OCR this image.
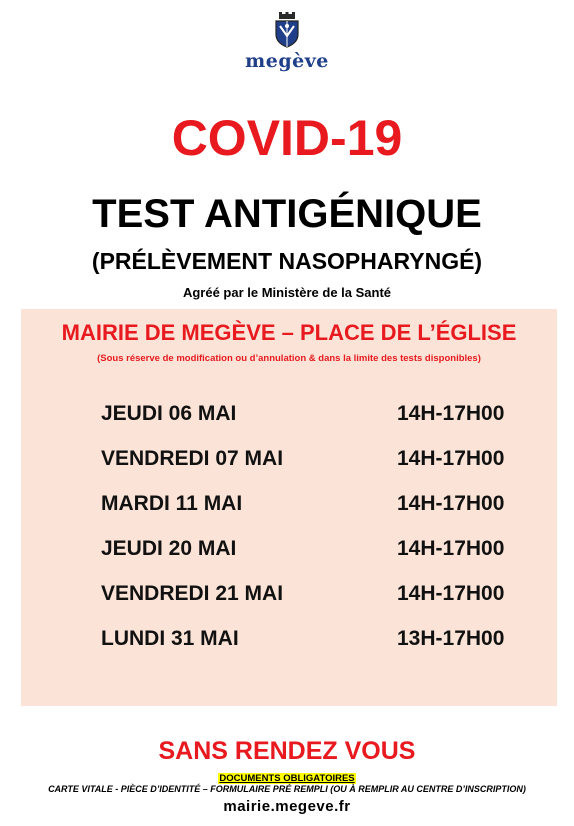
megève
COVID-19
TEST ANTIGÉNIQUE
(PRÉLÈVEMENT NASOPHARYNGÉ)
Agréé par le Ministère de la Santé
MAIRIE DE MEGÈVE – PLACE DE L’ÉGLISE
(Sous réserve de modification ou d’annulation & dans la limite des tests disponibles)
JEUDI 06 MAI	14H-17H00
VENDREDI 07 MAI	14H-17H00
MARDI 11 MAI	14H-17H00
JEUDI 20 MAI	14H-17H00
VENDREDI 21 MAI	14H-17H00
LUNDI 31 MAI	13H-17H00
SANS RENDEZ VOUS
DOCUMENTS OBLIGATOIRES
CARTE VITALE - PIÈCE D’IDENTITÉ – FORMULAIRE PRÉ REMPLI (OU À REMPLIR AU CENTRE D’INSCRIPTION)
mairie.megeve.fr
